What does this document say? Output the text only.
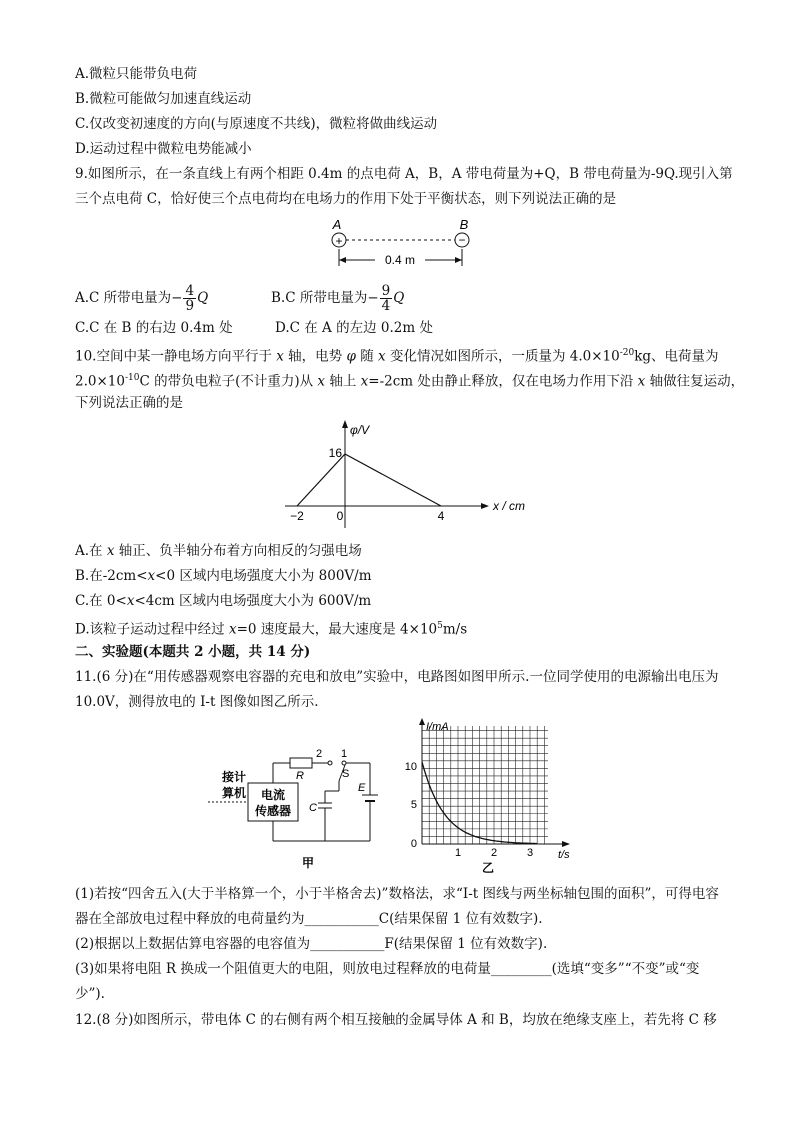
A.微粒只能带负电荷
B.微粒可能做匀加速直线运动
C.仅改变初速度的方向(与原速度不共线)，微粒将做曲线运动
D.运动过程中微粒电势能减小
9.如图所示，在一条直线上有两个相距 0.4m 的点电荷 A，B，A 带电荷量为+Q，B 带电荷量为-9Q.现引入第
三个点电荷 C，恰好使三个点电荷均在电场力的作用下处于平衡状态，则下列说法正确的是
A	B
+	−
0.4 m
A.C 所带电量为− $\frac{4}{9}$ Q	B.C 所带电量为− $\frac{9}{4}$ Q
C.C 在 B 的右边 0.4m 处	D.C 在 A 的左边 0.2m 处
10.空间中某一静电场方向平行于 x 轴，电势 φ 随 x 变化情况如图所示，一质量为 $4.0\times 10^{-20}kg$、电荷量为
$2.0\times 10^{-10}C$ 的带负电粒子(不计重力)从 x 轴上 x=-2cm 处由静止释放，仅在电场力作用下沿 x 轴做往复运动，
下列说法正确的是
φ/V
x / cm
16
−2	0	4
A.在 x 轴正、负半轴分布着方向相反的匀强电场
B.在-2cm<x<0 区域内电场强度大小为 800V/m
C.在 0<x<4cm 区域内电场强度大小为 600V/m
D.该粒子运动过程中经过 x=0 速度最大，最大速度是 $4\times 10^5m/s$
二、实验题(本题共 2 小题，共 14 分)
11.(6 分)在“用传感器观察电容器的充电和放电”实验中，电路图如图甲所示.一位同学使用的电源输出电压为
10.0V，测得放电的 I-t 图像如图乙所示.
接计
算机 电流
传感器
R
2 1
S
E
C
甲
I/mA
10
5
0
1	2	3 t/s
乙
(1)若按“四舍五入(大于半格算一个，小于半格舍去)”数格法，求“I-t 图线与两坐标轴包围的面积”，可得电容
器在全部放电过程中释放的电荷量约为___________C(结果保留 1 位有效数字).
(2)根据以上数据估算电容器的电容值为___________F(结果保留 1 位有效数字).
(3)如果将电阻 R 换成一个阻值更大的电阻，则放电过程释放的电荷量_________(选填“变多”“不变”或“变
少”).
12.(8 分)如图所示，带电体 C 的右侧有两个相互接触的金属导体 A 和 B，均放在绝缘支座上，若先将 C 移
